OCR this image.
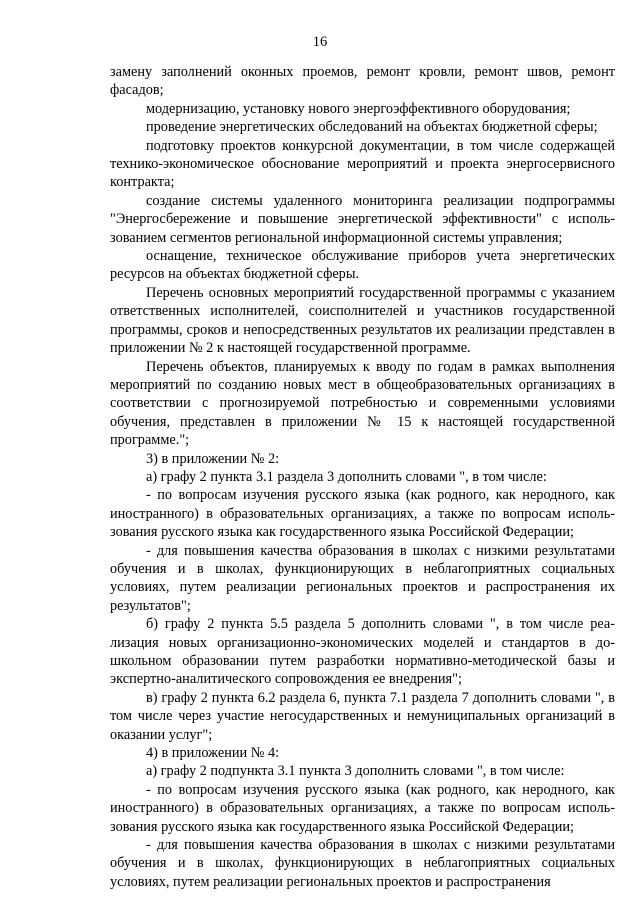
16

замену заполнений оконных проемов, ремонт кровли, ремонт швов, ремонт фасадов;

модернизацию, установку нового энергоэффективного оборудования;

проведение энергетических обследований на объектах бюджетной сферы;

подготовку проектов конкурсной документации, в том числе содержащей технико-экономическое обоснование мероприятий и проекта энергосервисного контракта;

создание системы удаленного мониторинга реализации подпрограммы "Энергосбережение и повышение энергетической эффективности" с использованием сегментов региональной информационной системы управления;

оснащение, техническое обслуживание приборов учета энергетических ресурсов на объектах бюджетной сферы.

Перечень основных мероприятий государственной программы с указанием ответственных исполнителей, соисполнителей и участников государственной программы, сроков и непосредственных результатов их реализации представлен в приложении № 2 к настоящей государственной программе.

Перечень объектов, планируемых к вводу по годам в рамках выполнения мероприятий по созданию новых мест в общеобразовательных организациях в соответствии с прогнозируемой потребностью и современными условиями обучения, представлен в приложении № 15 к настоящей государственной программе.";

3) в приложении № 2:

а) графу 2 пункта 3.1 раздела 3 дополнить словами ", в том числе:

- по вопросам изучения русского языка (как родного, как неродного, как иностранного) в образовательных организациях, а также по вопросам использования русского языка как государственного языка Российской Федерации;

- для повышения качества образования в школах с низкими результатами обучения и в школах, функционирующих в неблагоприятных социальных условиях, путем реализации региональных проектов и распространения их результатов";

б) графу 2 пункта 5.5 раздела 5 дополнить словами ", в том числе реализация новых организационно-экономических моделей и стандартов в дошкольном образовании путем разработки нормативно-методической базы и экспертно-аналитического сопровождения ее внедрения";

в) графу 2 пункта 6.2 раздела 6, пункта 7.1 раздела 7 дополнить словами ", в том числе через участие негосударственных и немуниципальных организаций в оказании услуг";

4) в приложении № 4:

а) графу 2 подпункта 3.1 пункта 3 дополнить словами ", в том числе:

- по вопросам изучения русского языка (как родного, как неродного, как иностранного) в образовательных организациях, а также по вопросам использования русского языка как государственного языка Российской Федерации;

- для повышения качества образования в школах с низкими результатами обучения и в школах, функционирующих в неблагоприятных социальных условиях, путем реализации региональных проектов и распространения
